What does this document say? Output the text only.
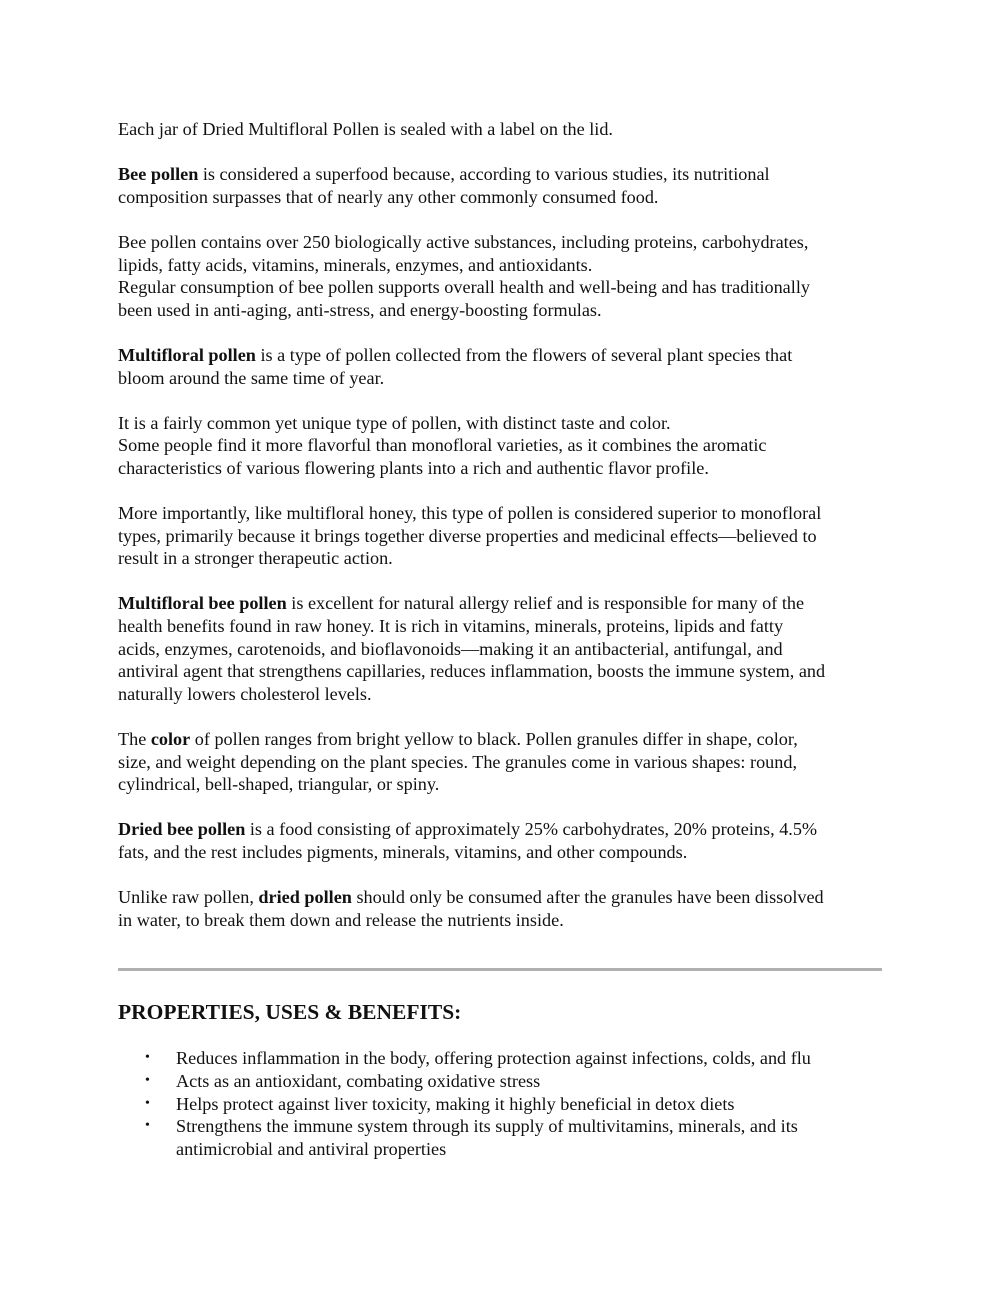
Each jar of Dried Multifloral Pollen is sealed with a label on the lid.

Bee pollen is considered a superfood because, according to various studies, its nutritional
composition surpasses that of nearly any other commonly consumed food.

Bee pollen contains over 250 biologically active substances, including proteins, carbohydrates,
lipids, fatty acids, vitamins, minerals, enzymes, and antioxidants.
Regular consumption of bee pollen supports overall health and well-being and has traditionally
been used in anti-aging, anti-stress, and energy-boosting formulas.

Multifloral pollen is a type of pollen collected from the flowers of several plant species that
bloom around the same time of year.

It is a fairly common yet unique type of pollen, with distinct taste and color.
Some people find it more flavorful than monofloral varieties, as it combines the aromatic
characteristics of various flowering plants into a rich and authentic flavor profile.

More importantly, like multifloral honey, this type of pollen is considered superior to monofloral
types, primarily because it brings together diverse properties and medicinal effects—believed to
result in a stronger therapeutic action.

Multifloral bee pollen is excellent for natural allergy relief and is responsible for many of the
health benefits found in raw honey. It is rich in vitamins, minerals, proteins, lipids and fatty
acids, enzymes, carotenoids, and bioflavonoids—making it an antibacterial, antifungal, and
antiviral agent that strengthens capillaries, reduces inflammation, boosts the immune system, and
naturally lowers cholesterol levels.

The color of pollen ranges from bright yellow to black. Pollen granules differ in shape, color,
size, and weight depending on the plant species. The granules come in various shapes: round,
cylindrical, bell-shaped, triangular, or spiny.

Dried bee pollen is a food consisting of approximately 25% carbohydrates, 20% proteins, 4.5%
fats, and the rest includes pigments, minerals, vitamins, and other compounds.

Unlike raw pollen, dried pollen should only be consumed after the granules have been dissolved
in water, to break them down and release the nutrients inside.

PROPERTIES, USES & BENEFITS:
• Reduces inflammation in the body, offering protection against infections, colds, and flu
• Acts as an antioxidant, combating oxidative stress
• Helps protect against liver toxicity, making it highly beneficial in detox diets
• Strengthens the immune system through its supply of multivitamins, minerals, and its
antimicrobial and antiviral properties
